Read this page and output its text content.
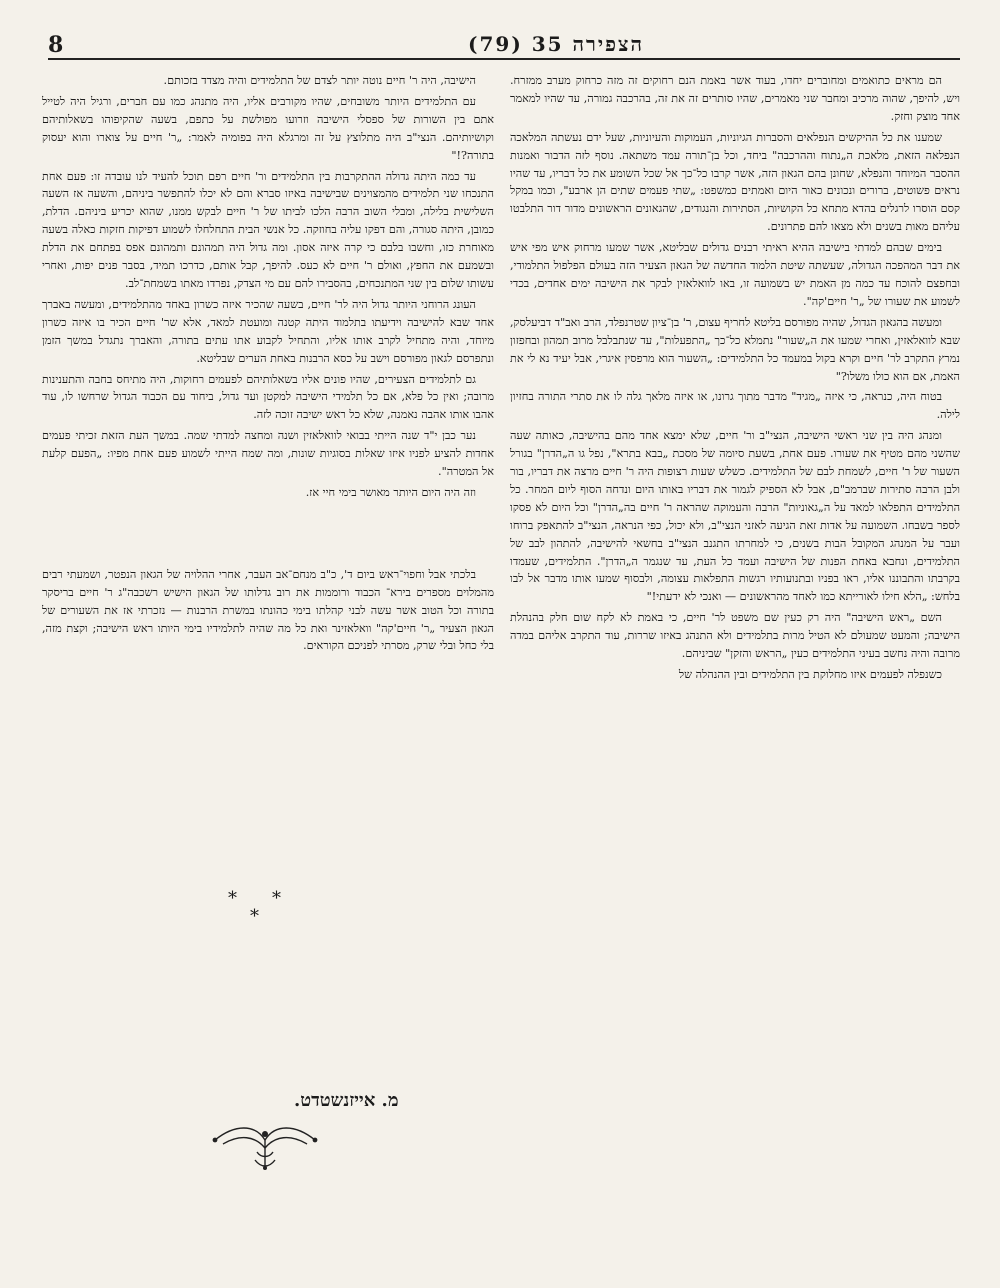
8	הצפירה 35 (79)

הם מראים כתואמים ומחוברים יחדו, בעוד אשר באמת הנם רחוקים זה מזה כרחוק מערב ממזרח. ויש, להיפך, שהוה מרכיב ומחבר שני מאמרים, שהיו סותרים זה את זה, בהרכבה גמורה, עד שהיו למאמר אחד מוצק וחזק.

שמענו את כל ההיקשים הנפלאים והסברות הגיוניות, העמוקות והעיוניות, שעל ידם נעשתה המלאכה הנפלאה הזאת, מלאכת ה„נתוח וההרכבה" ביחד, וכל בן־תורה עמד משתאה. נוסף לזה הדבור ואמנות ההסבר המיוחד והנפלא, שחונן בהם הגאון הזה, אשר קרבו כל־כך אל שכל השומע את כל דבריו, עד שהיו נראים פשוטים, ברורים ונכונים כאור היום ואמתים כמשפט: „שתי פעמים שתים הן ארבע", וכמו במקל קסם הוסרו לרגלים בהדא מתחא כל הקושיות, הסתירות והנגודים, שהגאונים הראשונים מדור דור התלבטו עליהם מאות בשנים ולא מצאו להם פתרונים.

בימים שבהם למדתי בישיבה ההיא ראיתי רבנים גדולים שבליטא, אשר שמעו מרחוק איש מפי איש את דבר המהפכה הגדולה, שעשתה שיטת הלמוד החדשה של הגאון הצעיר הזה בעולם הפלפול התלמודי, ובחפצם להוכח עד כמה מן האמת יש בשמועה זו, באו לוואלאזין לבקר את הישיבה ימים אחדים, בכדי לשמוע את שעורו של „ר' חיים'קה".

ומעשה בהגאון הגדול, שהיה מפורסם בליטא לחריף עצום, ר' בן־ציון שטרנפלד, הרב ואב"ד דביעלסק, שבא לוואלאזין, ואחרי שמעו את ה„שעור" נתמלא כל־כך „התפעלות", עד שנתבלבל מרוב תמהון ובחפזון נמרץ התקרב לר' חיים וקרא בקול במעמד כל התלמידים: „השעור הוא מרפסין איגרי, אבל יעיד נא לי את האמת, אם הוא כולו משלו?"

בטוח היה, כנראה, כי איזה „מגיד" מדבר מתוך גרונו, או איזה מלאך גלה לו את סתרי התורה בחזיון לילה.

ומנהג היה בין שני ראשי הישיבה, הנצי"ב ור' חיים, שלא ימצא אחד מהם בהישיבה, כאותה שעה שהשני מהם מטיף את שעורו. פעם אחת, בשעת סיומה של מסכת „בבא בתרא", נפל גו ה„הדרן" בגורל השעור של ר' חיים, לשמחת לבם של התלמידים. כשלש שעות רצופות היה ר' חיים מרצה את דבריו, בור ולבן הרבה סתירות שברמב"ם, אבל לא הספיק לגמור את דבריו באותו היום ונדחה הסוף ליום המחר. כל התלמידים התפלאו למאד על ה„גאוניות" הרבה והעמוקה שהראה ר' חיים בה„הדרן" וכל היום לא פסקו לספר בשבחו. השמועה על אדות זאת הגיעה לאזני הנצי"ב, ולא יכול, כפי הנראה, הנצי"ב להתאפק ברוחו ועבר על המנהג המקובל הבות בשנים, כי למחרתו התגנב הנצי"ב בחשאי להישיבה, להתהון לבב של התלמידים, ונחבא באחת הפנות של הישיבה ועמד כל העת, עד שנגמר ה„הדרן". התלמידים, שעמדו בקרבתו והתבוננו אליו, ראו בפניו ובתנועותיו רגשות התפלאות עצומה, ולבסוף שמעו אותו מדבר אל לבו בלחש: „הלא חילו לאורייתא כמו לאחד מהראשונים — ואנכי לא ידעתי!"

השם „ראש הישיבה" היה רק כעין שם משפט לר' חיים, כי באמת לא לקח שום חלק בהנהלת הישיבה; והמעט שמעולם לא הטיל מרות בתלמידים ולא התנהג באיזו שררות, עוד התקרב אליהם במדה מרובה והיה נחשב בעיני התלמידים כעין „הראש והזקן" שביניהם.

כשנפלה לפעמים איזו מחלוקת בין התלמידים ובין ההנהלה של

הישיבה, היה ר' חיים נוטה יותר לצדם של התלמידים והיה מצדד בזכותם.

עם התלמידים היותר משובחים, שהיו מקורבים אליו, היה מתנהג כמו עם חברים, ורגיל היה לטייל אתם בין השורות של ספסלי הישיבה וזרועו מפולשת על כתפם, בשעה שהקיפוהו בשאלותיהם וקושיותיהם. הנצי"ב היה מתלוצץ על זה ומרגלא היה בפומיה לאמר: „ר' חיים על צוארו והוא יעסוק בתורה?!"

עד כמה היתה גדולה ההתקרבות בין התלמידים ור' חיים רפם תוכל להעיד לנו עובדה זו: פעם אחת התנכחו שני תלמידים מהמצוינים שבישיבה באיזו סברא והם לא יכלו להתפשר ביניהם, והשעה אז השעה השלישית בלילה, ומבלי השוב הרבה הלכו לביתו של ר' חיים לבקש ממנו, שהוא יכריע ביניהם. הדלת, כמובן, היתה סגורה, והם דפקו עליה בחוזקה. כל אנשי הבית התחלחלו לשמוע דפיקות חזקות כאלה בשעה מאוחרת כזו, וחשבו בלבם כי קרה איזה אסון. ומה גדול היה תמהונם ותמהונם אפס בפתחם את הדלת ובשמעם את החפץ, ואולם ר' חיים לא כעס. להיפך, קבל אותם, כדרכו תמיד, בסבר פנים יפות, ואחרי עשותו שלום בין שני המתנכחים, בהסבירו להם עם מי הצדק, נפרדו מאתו בשמחת־לב.

העונג הרוחני היותר גדול היה לר' חיים, בשעה שהכיר איזה כשרון באחד מהתלמידים, ומעשה באברך אחד שבא להישיבה וידיעתו בתלמוד היתה קטנה ומועטת למאד, אלא שר' חיים הכיר בו איזה כשרון מיוחד, והיה מתחיל לקרב אותו אליו, והתחיל לקבוע אתו עתים בתורה, והאברך נתגדל במשך הזמן ונתפרסם לגאון מפורסם וישב על כסא הרבנות באחת הערים שבליטא.

גם לתלמידים הצעירים, שהיו פונים אליו בשאלותיהם לפעמים רחוקות, היה מתיחס בחבה והתענינות מרובה; ואין כל פלא, אם כל תלמידי הישיבה למקטן ועד גדול, ביחוד עם הכבוד הגדול שרחשו לו, עוד אהבו אותו אהבה נאמנה, שלא כל ראש ישיבה זוכה לזה.

נער כבן י"ד שנה הייתי בבואי לוואלאזין ושנה ומחצה למדתי שמה. במשך העת הזאת זכיתי פעמים אחדות להציע לפניו איזו שאלות בסוגיות שונות, ומה שמח הייתי לשמוע פעם אחת מפיו: „הפעם קלעת אל המטרה".

וזה היה היום היותר מאושר בימי חיי אז.

בלכתי אבל וחפוי־ראש ביום ד', כ"ב מנחם־אב העבר, אחרי ההלויה של הגאון הנפטר, ושמעתי רבים מהמלוים מספרים בירא־ הכבוד ורוממות את רוב גדלותו של הגאון הישיש רשכבה"ג ר' חיים בריסקר בתורה וכל הטוב אשר עשה לבני קהלתו בימי כהונתו במשרת הרבנות — נזכרתי אז את השעורים של הגאון הצעיר „ר' חיים'קה" וואלאזינר ואת כל מה שהיה לתלמידיו בימי היותו ראש הישיבה; וקצת מזה, בלי כחל ובלי שרק, מסרתי לפניכם הקוראים.

* *
*
מ. אייזנשטדט.
